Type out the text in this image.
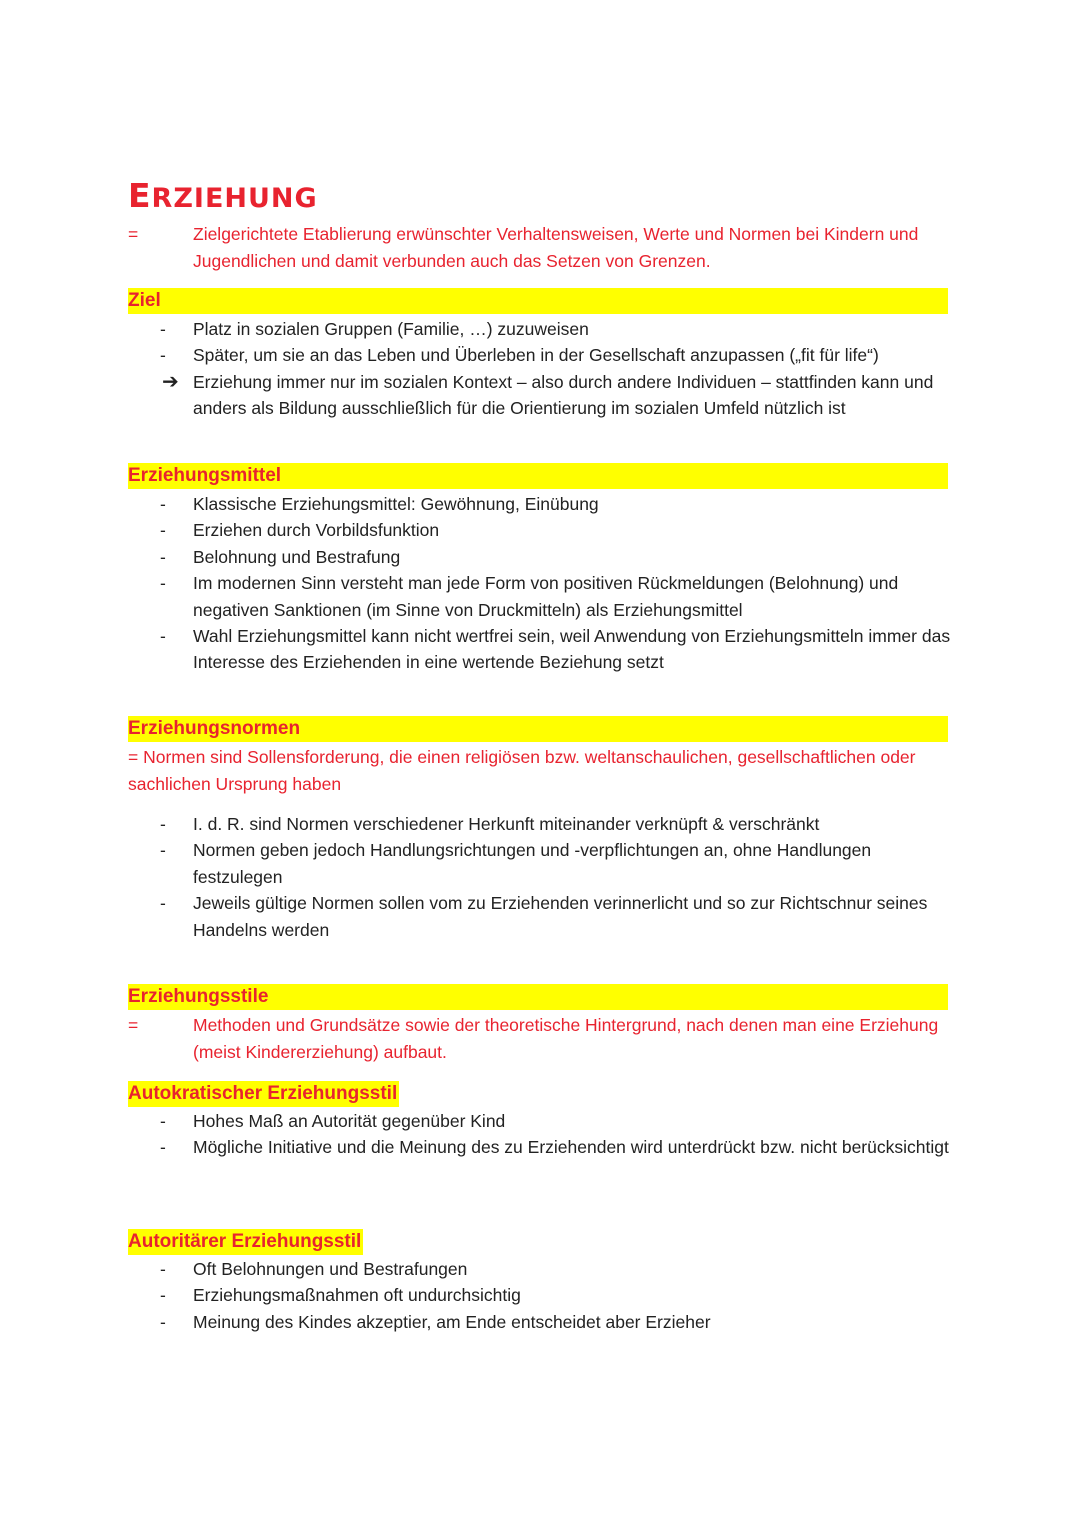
ERZIEHUNG
=	Zielgerichtete Etablierung erwünschter Verhaltensweisen, Werte und Normen bei Kindern und Jugendlichen und damit verbunden auch das Setzen von Grenzen.
Ziel
- Platz in sozialen Gruppen (Familie, …) zuzuweisen
- Später, um sie an das Leben und Überleben in der Gesellschaft anzupassen („fit für life“)
➔ Erziehung immer nur im sozialen Kontext – also durch andere Individuen – stattfinden kann und anders als Bildung ausschließlich für die Orientierung im sozialen Umfeld nützlich ist
Erziehungsmittel
- Klassische Erziehungsmittel: Gewöhnung, Einübung
- Erziehen durch Vorbildsfunktion
- Belohnung und Bestrafung
- Im modernen Sinn versteht man jede Form von positiven Rückmeldungen (Belohnung) und negativen Sanktionen (im Sinne von Druckmitteln) als Erziehungsmittel
- Wahl Erziehungsmittel kann nicht wertfrei sein, weil Anwendung von Erziehungsmitteln immer das Interesse des Erziehenden in eine wertende Beziehung setzt
Erziehungsnormen
= Normen sind Sollensforderung, die einen religiösen bzw. weltanschaulichen, gesellschaftlichen oder sachlichen Ursprung haben
- I. d. R. sind Normen verschiedener Herkunft miteinander verknüpft & verschränkt
- Normen geben jedoch Handlungsrichtungen und -verpflichtungen an, ohne Handlungen festzulegen
- Jeweils gültige Normen sollen vom zu Erziehenden verinnerlicht und so zur Richtschnur seines Handelns werden
Erziehungsstile
=	Methoden und Grundsätze sowie der theoretische Hintergrund, nach denen man eine Erziehung (meist Kindererziehung) aufbaut.
Autokratischer Erziehungsstil
- Hohes Maß an Autorität gegenüber Kind
- Mögliche Initiative und die Meinung des zu Erziehenden wird unterdrückt bzw. nicht berücksichtigt
Autoritärer Erziehungsstil
- Oft Belohnungen und Bestrafungen
- Erziehungsmaßnahmen oft undurchsichtig
- Meinung des Kindes akzeptier, am Ende entscheidet aber Erzieher
